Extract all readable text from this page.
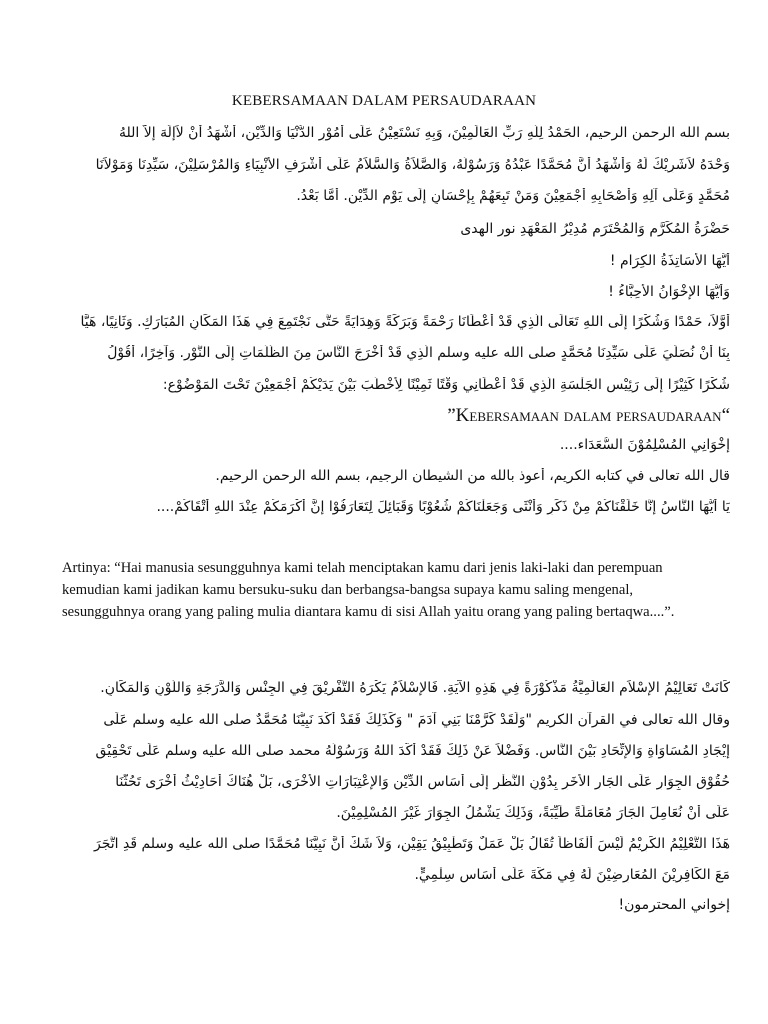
KEBERSAMAAN DALAM PERSAUDARAAN
بسم الله الرحمن الرحيم، الحَمْدُ لِلَّهِ رَبِّ العَالَمِيْنَ، وَبِهِ نَسْتَعِيْنُ عَلَى أُمُوْرِ الدُّنْيَا وَالدِّيْنِ، أَشْهَدُ أَنْ لاَإِلَهَ إِلاَّ اللهُ
وَحْدَهُ لاَشَرِيْكَ لَهُ وَأَشْهَدُ أَنَّ مُحَمَّدًا عَبْدُهُ وَرَسُوْلُهُ، وَالصَّلاَةُ وَالسَّلاَمُ عَلَى أَشْرَفِ الأَنْبِيَاءِ وَالمُرْسَلِيْنَ، سَيِّدِنَا وَمَوْلاَنَا
مُحَمَّدٍ وَعَلَى آلِهِ وَأَصْحَابِهِ أَجْمَعِيْنَ وَمَنْ تَبِعَهُمْ بِإِحْسَانٍ إِلَى يَوْمِ الدِّيْنِ. أَمَّا بَعْدُ.
حَضْرَةُ المُكَرَّمِ وَالمُحْتَرَمِ مُدِيْرُ المَعْهَدِ نور الهدى
أَيُّهَا الأَسَاتِذَةُ الكِرَامِ !
وَأَيُّهَا الإِخْوَانُ الأَحِبَّاءُ !
أَوَّلاً، حَمْدًا وَشُكْرًا إِلَى اللهِ تَعَالَى الَّذِي قَدْ أَعْطَانَا رَحْمَةً وَبَرَكَةً وَهِدَايَةً حَتَّى نَجْتَمِعَ فِي هَذَا المَكَانِ المُبَارَكِ. وَثَانِيًا، هَيَّا
بِنَا أَنْ نُصَلِّيَ عَلَى سَيِّدِنَا مُحَمَّدٍ صلى الله عليه وسلم الَّذِي قَدْ أَخْرَجَ النَّاسَ مِنَ الظُّلُمَاتِ إِلَى النُّوْرِ. وَآخِرًا، أَقُوْلُ
شُكْرًا كَثِيْرًا إِلَى رَئِيْسِ الجَلْسَةِ الَّذِي قَدْ أَعْطَانِي وَقْتًا ثَمِيْنًا لِأَخْطُبَ بَيْنَ يَدَيْكُمْ أَجْمَعِيْنَ تَحْتَ المَوْضُوْعِ:
”Kebersamaan dalam persaudaraan“
إِخْوَانِي المُسْلِمُوْنَ السُّعَدَاء....
قال الله تعالى في كتابه الكريم، أعوذ بالله من الشيطان الرجيم، بسم الله الرحمن الرحيم.
يَا أَيُّهَا النَّاسُ إِنَّا خَلَقْنَاكُمْ مِنْ ذَكَرٍ وَأُنْثَى وَجَعَلْنَاكُمْ شُعُوْبًا وَقَبَائِلَ لِتَعَارَفُوْا إِنَّ أَكْرَمَكُمْ عِنْدَ اللهِ أَتْقَاكُمْ....
Artinya: “Hai manusia sesungguhnya kami telah menciptakan kamu dari jenis laki-laki dan perempuan kemudian kami jadikan kamu bersuku-suku dan berbangsa-bangsa supaya kamu saling mengenal, sesungguhnya orang yang paling mulia diantara kamu di sisi Allah yaitu orang yang paling bertaqwa....”.
كَانَتْ تَعَالِيْمُ الإِسْلاَمِ العَالَمِيَّةُ مَذْكُوْرَةً فِي هَذِهِ الآيَةِ. فَالإِسْلاَمُ يَكْرَهُ التَّفْرِيْقَ فِي الجِنْسِ وَالدَّرَجَةِ وَاللَّوْنِ وَالمَكَانِ.
وقال الله تعالى في القرآن الكريم "وَلَقَدْ كَرَّمْنَا بَنِي آدَمَ " وَكَذَلِكَ فَقَدْ أَكَّدَ نَبِيُّنَا مُحَمَّدٌ صلى الله عليه وسلم عَلَى
إِيْجَادِ المُسَاوَاةِ وَالإِتِّحَادِ بَيْنَ النَّاسِ. وَفَضْلاً عَنْ ذَلِكَ فَقَدْ أَكَّدَ اللهُ وَرَسُوْلُهُ محمد صلى الله عليه وسلم عَلَى تَحْقِيْقِ
حُقُوْقِ الجِوَارِ عَلَى الجَارِ الأَخَرِ بِدُوْنِ النَّظْرِ إِلَى أَسَاسِ الدِّيْنِ وَالإِعْتِبَارَاتِ الأُخْرَى، بَلْ هُنَاكَ أَحَادِيْثُ أُخْرَى تَحُثُّنَا
عَلَى أَنْ نُعَامِلَ الجَارَ مُعَامَلَةً طَيِّبَةً، وَذَلِكَ يَشْمُلُ الجِوَارَ غَيْرَ المُسْلِمِيْنَ.
هَذَا التَّعْلِيْمُ الكَرِيْمُ لَيْسَ أَلْفَاظاً تُقَالُ بَلْ عَمَلٌ وَتَطْبِيْقُ يَقِيْنٍ، وَلاَ شَكَّ أَنَّ نَبِيَّنَا مُحَمَّدًا صلى الله عليه وسلم قَدِ اتَّجَرَ
مَعَ الكَافِرِيْنَ المُعَارِضِيْنَ لَهُ فِي مَكَّةَ عَلَى أَسَاسٍ سِلْمِيٍّ.
إخواني المحترمون!
